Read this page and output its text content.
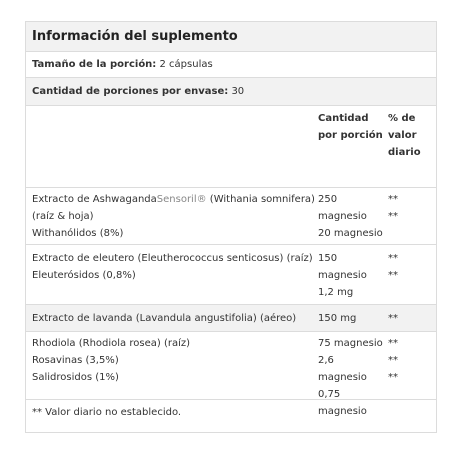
Información del suplemento
Tamaño de la porción: 2 cápsulas
Cantidad de porciones por envase: 30
Cantidad
por porción
% de
valor
diario
Extracto de AshwagandaSensoril® (Withania somnifera)
(raíz & hoja)
Withanólidos (8%)
250
magnesio
20 magnesio
**
**
Extracto de eleutero (Eleutherococcus senticosus) (raíz)
Eleuterósidos (0,8%)
150
magnesio
1,2 mg
**
**
Extracto de lavanda (Lavandula angustifolia) (aéreo) 150 mg	**
Rhodiola (Rhodiola rosea) (raíz)
Rosavinas (3,5%)
Salidrosidos (1%)
75 magnesio
2,6
magnesio
0,75
magnesio
**
**
**
** Valor diario no establecido.
